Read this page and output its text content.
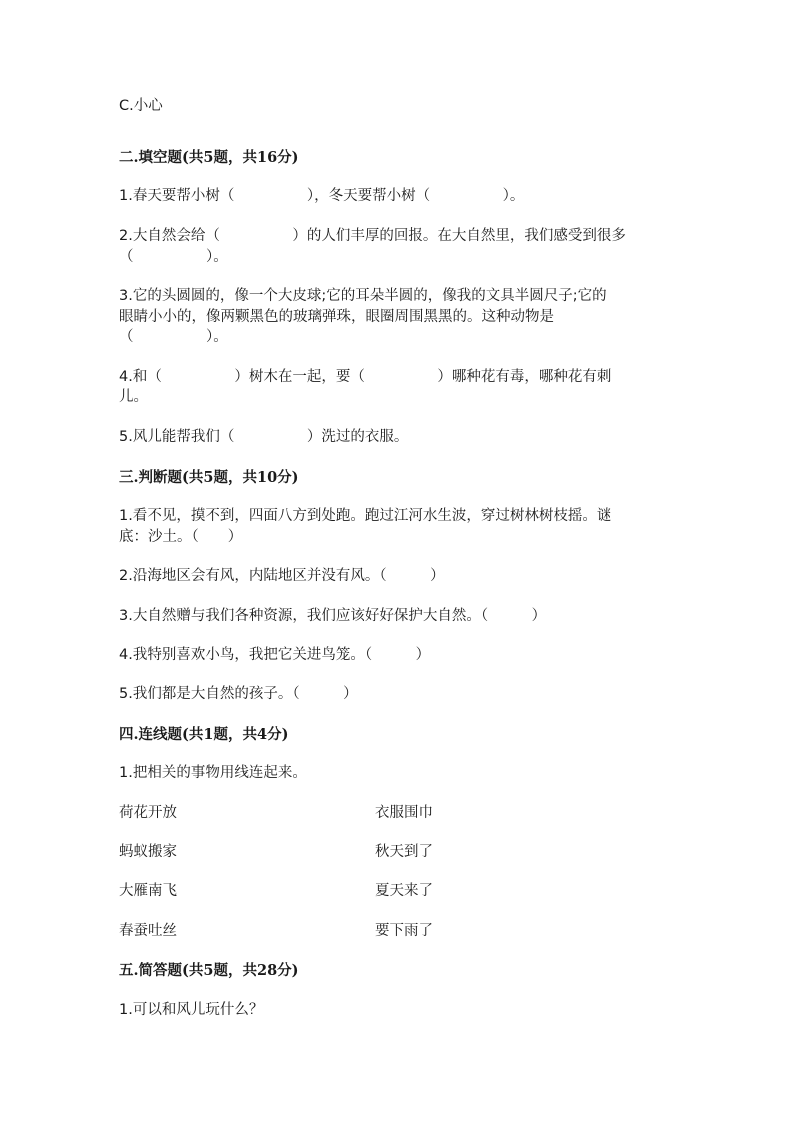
C.小心
二.填空题(共5题，共16分)
1.春天要帮小树（　　　　　），冬天要帮小树（　　　　　）。
2.大自然会给（　　　　　）的人们丰厚的回报。在大自然里，我们感受到很多
（　　　　　）。
3.它的头圆圆的，像一个大皮球;它的耳朵半圆的，像我的文具半圆尺子;它的
眼睛小小的，像两颗黑色的玻璃弹珠，眼圈周围黑黑的。这种动物是
（　　　　　）。
4.和（　　　　　）树木在一起，要（　　　　　）哪种花有毒，哪种花有刺
儿。
5.风儿能帮我们（　　　　　）洗过的衣服。
三.判断题(共5题，共10分)
1.看不见，摸不到，四面八方到处跑。跑过江河水生波，穿过树林树枝摇。谜
底：沙土。（　　）
2.沿海地区会有风，内陆地区并没有风。（　　　）
3.大自然赠与我们各种资源，我们应该好好保护大自然。（　　　）
4.我特别喜欢小鸟，我把它关进鸟笼。（　　　）
5.我们都是大自然的孩子。（　　　）
四.连线题(共1题，共4分)
1.把相关的事物用线连起来。
荷花开放	衣服围巾
蚂蚁搬家	秋天到了
大雁南飞	夏天来了
春蚕吐丝	要下雨了
五.简答题(共5题，共28分)
1.可以和风儿玩什么？
